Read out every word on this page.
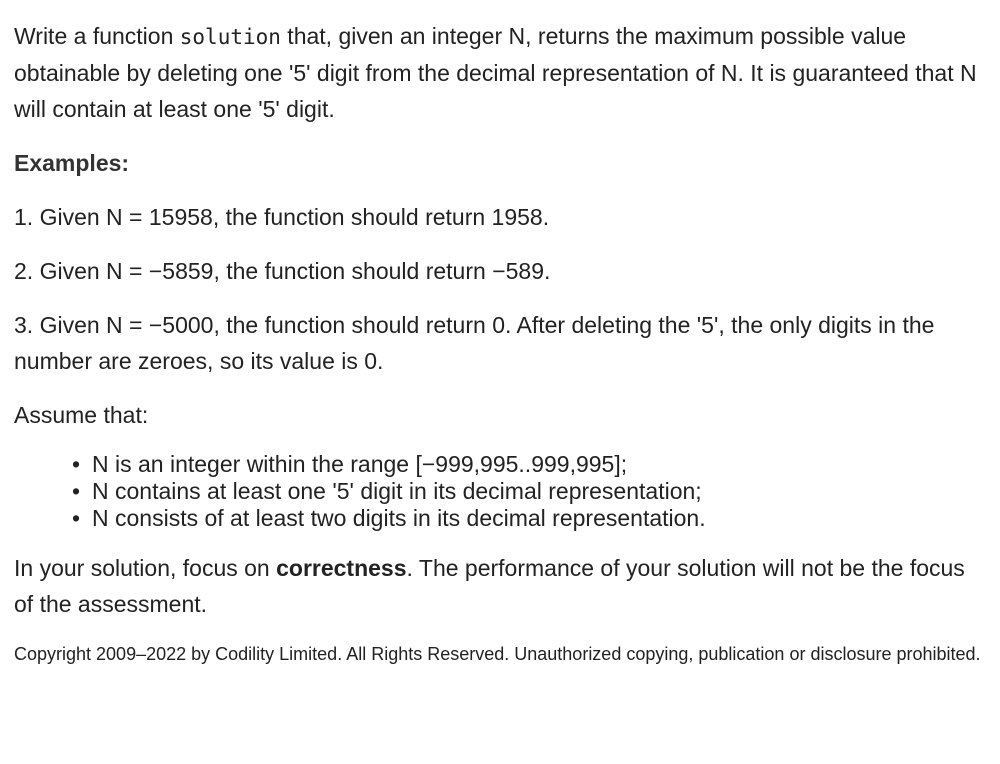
Write a function solution that, given an integer N, returns the maximum possible value obtainable by deleting one '5' digit from the decimal representation of N. It is guaranteed that N will contain at least one '5' digit.

Examples:

1. Given N = 15958, the function should return 1958.

2. Given N = −5859, the function should return −589.

3. Given N = −5000, the function should return 0. After deleting the '5', the only digits in the number are zeroes, so its value is 0.

Assume that:

• N is an integer within the range [−999,995..999,995];
• N contains at least one '5' digit in its decimal representation;
• N consists of at least two digits in its decimal representation.

In your solution, focus on correctness. The performance of your solution will not be the focus of the assessment.

Copyright 2009–2022 by Codility Limited. All Rights Reserved. Unauthorized copying, publication or disclosure prohibited.
